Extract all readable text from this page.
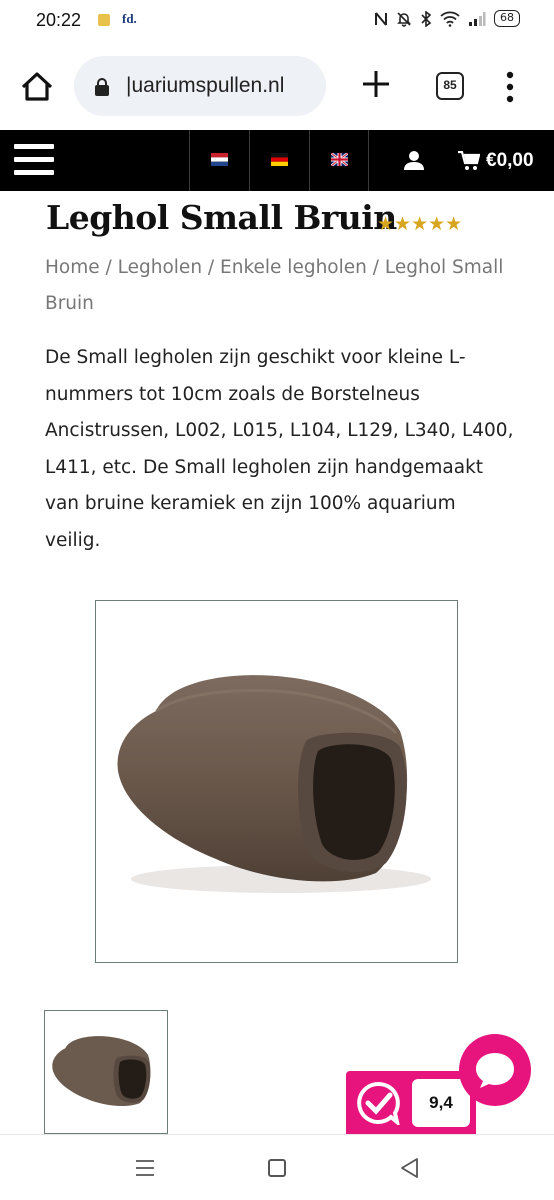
20:22	fd.	68
|uariumspullen.nl	85
€0,00
Leghol Small Bruin
★★★★★
Home / Legholen / Enkele legholen / Leghol Small Bruin

De Small legholen zijn geschikt voor kleine L-nummers tot 10cm zoals de Borstelneus Ancistrussen, L002, L015, L104, L129, L340, L400, L411, etc. De Small legholen zijn handgemaakt van bruine keramiek en zijn 100% aquarium veilig.

9,4
